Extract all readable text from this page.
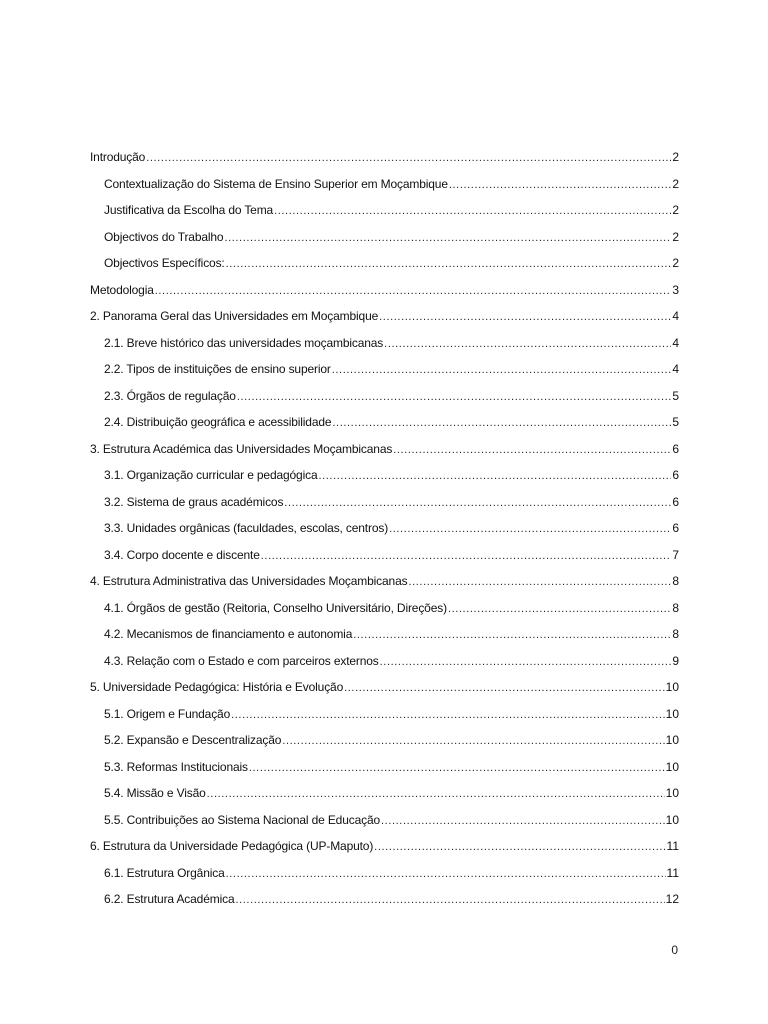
Introdução .....	2
Contextualização do Sistema de Ensino Superior em Moçambique .....	2
Justificativa da Escolha do Tema .....	2
Objectivos do Trabalho .....	2
Objectivos Específicos: .....	2
Metodologia .....	3
2. Panorama Geral das Universidades em Moçambique .....	4
2.1. Breve histórico das universidades moçambicanas .....	4
2.2. Tipos de instituições de ensino superior .....	4
2.3. Órgãos de regulação .....	5
2.4. Distribuição geográfica e acessibilidade .....	5
3. Estrutura Académica das Universidades Moçambicanas .....	6
3.1. Organização curricular e pedagógica .....	6
3.2. Sistema de graus académicos .....	6
3.3. Unidades orgânicas (faculdades, escolas, centros) .....	6
3.4. Corpo docente e discente .....	7
4. Estrutura Administrativa das Universidades Moçambicanas .....	8
4.1. Órgãos de gestão (Reitoria, Conselho Universitário, Direções) .....	8
4.2. Mecanismos de financiamento e autonomia .....	8
4.3. Relação com o Estado e com parceiros externos .....	9
5. Universidade Pedagógica: História e Evolução .....	10
5.1. Origem e Fundação .....	10
5.2. Expansão e Descentralização .....	10
5.3. Reformas Institucionais .....	10
5.4. Missão e Visão .....	10
5.5. Contribuições ao Sistema Nacional de Educação .....	10
6. Estrutura da Universidade Pedagógica (UP-Maputo) .....	11
6.1. Estrutura Orgânica .....	11
6.2. Estrutura Académica .....	12
0
